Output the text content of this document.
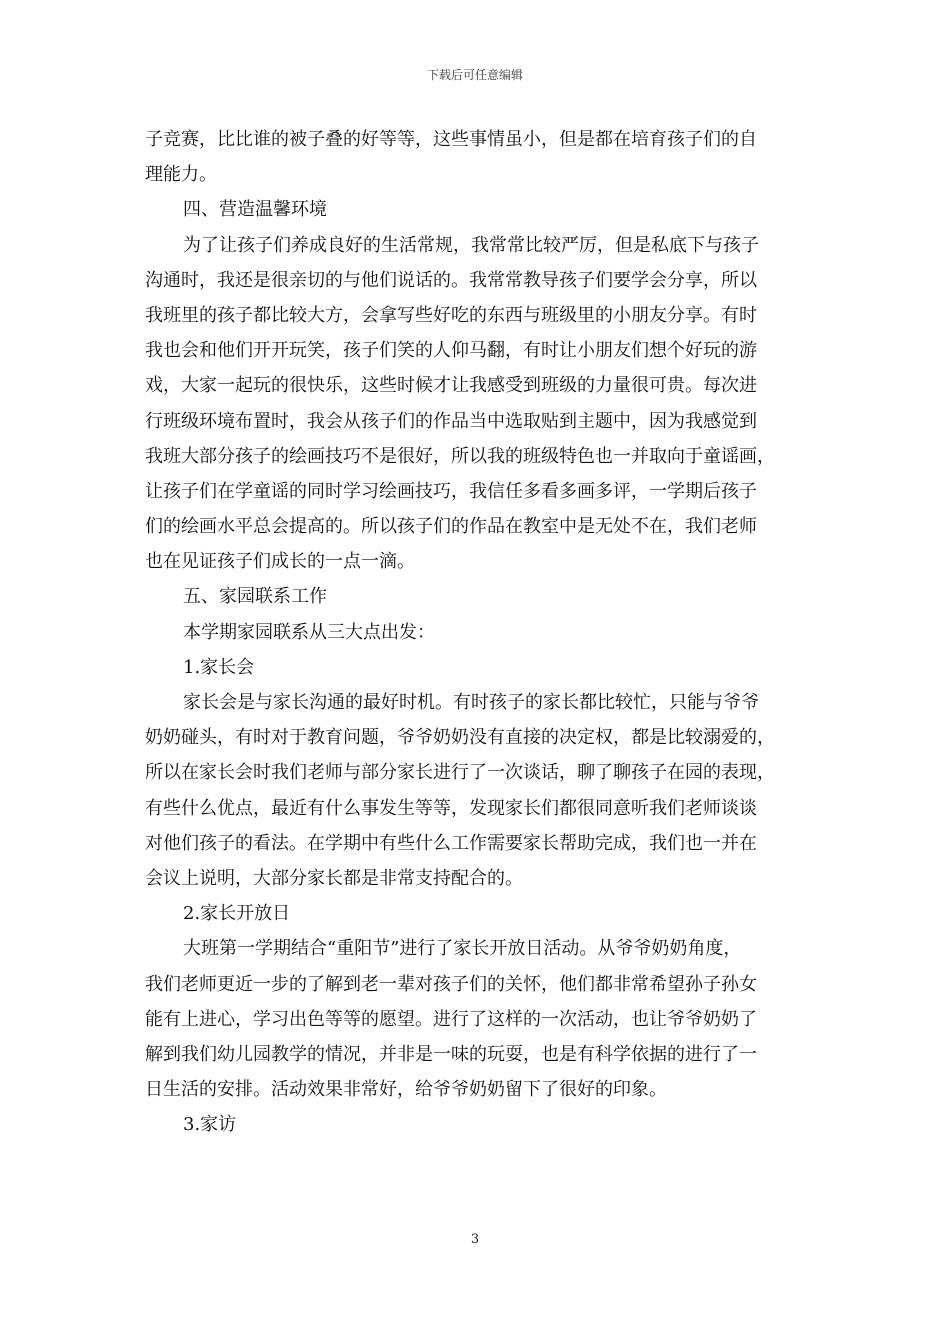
下载后可任意编辑
子竞赛，比比谁的被子叠的好等等，这些事情虽小，但是都在培育孩子们的自
理能力。
四、营造温馨环境
为了让孩子们养成良好的生活常规，我常常比较严厉，但是私底下与孩子
沟通时，我还是很亲切的与他们说话的。我常常教导孩子们要学会分享，所以
我班里的孩子都比较大方，会拿写些好吃的东西与班级里的小朋友分享。有时
我也会和他们开开玩笑，孩子们笑的人仰马翻，有时让小朋友们想个好玩的游
戏，大家一起玩的很快乐，这些时候才让我感受到班级的力量很可贵。每次进
行班级环境布置时，我会从孩子们的作品当中选取贴到主题中，因为我感觉到
我班大部分孩子的绘画技巧不是很好，所以我的班级特色也一并取向于童谣画，
让孩子们在学童谣的同时学习绘画技巧，我信任多看多画多评，一学期后孩子
们的绘画水平总会提高的。所以孩子们的作品在教室中是无处不在，我们老师
也在见证孩子们成长的一点一滴。
五、家园联系工作
本学期家园联系从三大点出发：
1.家长会
家长会是与家长沟通的最好时机。有时孩子的家长都比较忙，只能与爷爷
奶奶碰头，有时对于教育问题，爷爷奶奶没有直接的决定权，都是比较溺爱的，
所以在家长会时我们老师与部分家长进行了一次谈话，聊了聊孩子在园的表现，
有些什么优点，最近有什么事发生等等，发现家长们都很同意听我们老师谈谈
对他们孩子的看法。在学期中有些什么工作需要家长帮助完成，我们也一并在
会议上说明，大部分家长都是非常支持配合的。
2.家长开放日
大班第一学期结合“重阳节”进行了家长开放日活动。从爷爷奶奶角度，
我们老师更近一步的了解到老一辈对孩子们的关怀，他们都非常希望孙子孙女
能有上进心，学习出色等等的愿望。进行了这样的一次活动，也让爷爷奶奶了
解到我们幼儿园教学的情况，并非是一味的玩耍，也是有科学依据的进行了一
日生活的安排。活动效果非常好，给爷爷奶奶留下了很好的印象。
3.家访
3
